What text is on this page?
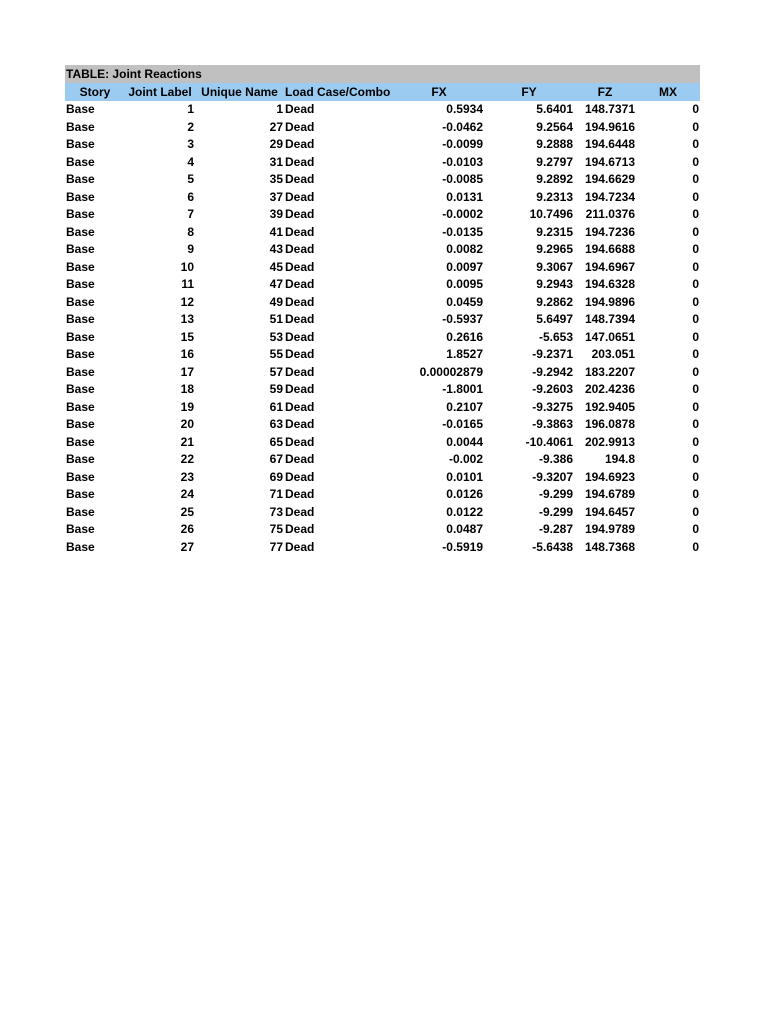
TABLE: Joint Reactions
Story	Joint Label	Unique Name	Load Case/Combo	FX	FY	FZ	MX
Base	1	1	Dead	0.5934	5.6401	148.7371	0
Base	2	27	Dead	-0.0462	9.2564	194.9616	0
Base	3	29	Dead	-0.0099	9.2888	194.6448	0
Base	4	31	Dead	-0.0103	9.2797	194.6713	0
Base	5	35	Dead	-0.0085	9.2892	194.6629	0
Base	6	37	Dead	0.0131	9.2313	194.7234	0
Base	7	39	Dead	-0.0002	10.7496	211.0376	0
Base	8	41	Dead	-0.0135	9.2315	194.7236	0
Base	9	43	Dead	0.0082	9.2965	194.6688	0
Base	10	45	Dead	0.0097	9.3067	194.6967	0
Base	11	47	Dead	0.0095	9.2943	194.6328	0
Base	12	49	Dead	0.0459	9.2862	194.9896	0
Base	13	51	Dead	-0.5937	5.6497	148.7394	0
Base	15	53	Dead	0.2616	-5.653	147.0651	0
Base	16	55	Dead	1.8527	-9.2371	203.051	0
Base	17	57	Dead	0.00002879	-9.2942	183.2207	0
Base	18	59	Dead	-1.8001	-9.2603	202.4236	0
Base	19	61	Dead	0.2107	-9.3275	192.9405	0
Base	20	63	Dead	-0.0165	-9.3863	196.0878	0
Base	21	65	Dead	0.0044	-10.4061	202.9913	0
Base	22	67	Dead	-0.002	-9.386	194.8	0
Base	23	69	Dead	0.0101	-9.3207	194.6923	0
Base	24	71	Dead	0.0126	-9.299	194.6789	0
Base	25	73	Dead	0.0122	-9.299	194.6457	0
Base	26	75	Dead	0.0487	-9.287	194.9789	0
Base	27	77	Dead	-0.5919	-5.6438	148.7368	0
